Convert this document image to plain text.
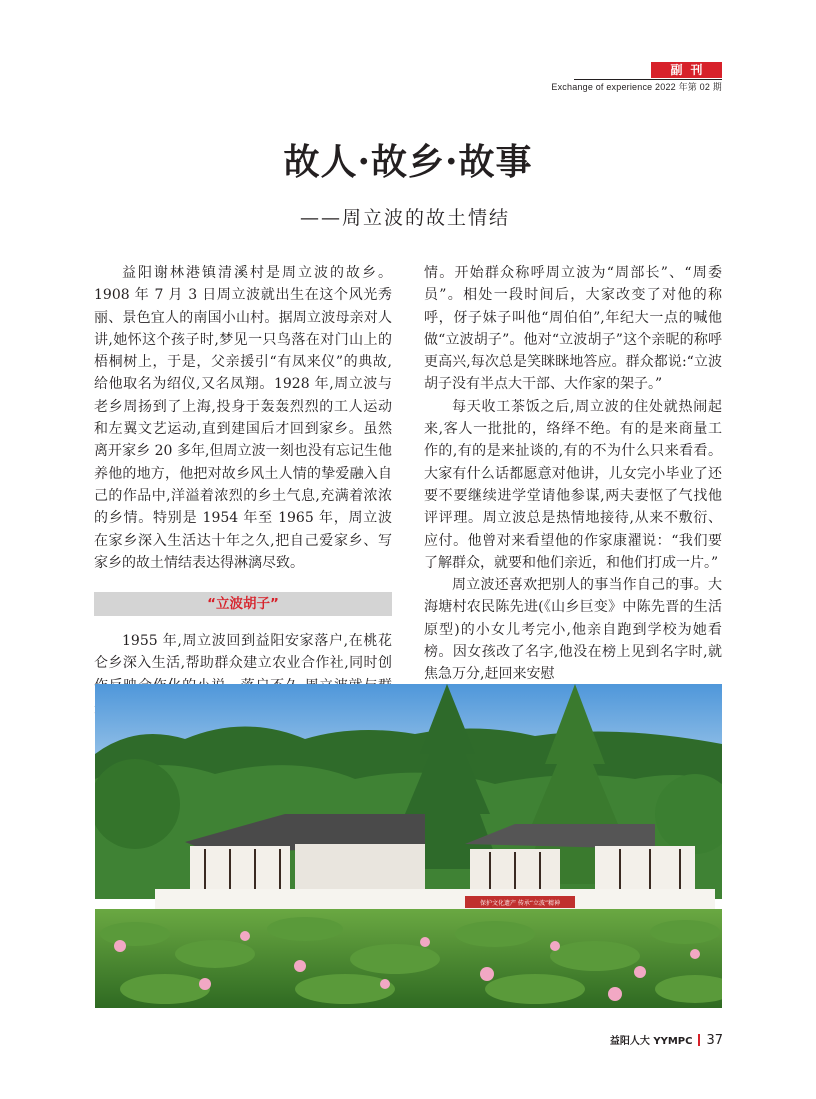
副刊
Exchange of experience 2022 年第 02 期
故人·故乡·故事
——周立波的故土情结

益阳谢林港镇清溪村是周立波的故乡。1908 年 7 月 3 日周立波就出生在这个风光秀丽、景色宜人的南国小山村。据周立波母亲对人讲,她怀这个孩子时,梦见一只鸟落在对门山上的梧桐树上，于是，父亲援引“有凤来仪”的典故,给他取名为绍仪,又名凤翔。1928 年,周立波与老乡周扬到了上海,投身于轰轰烈烈的工人运动和左翼文艺运动,直到建国后才回到家乡。虽然离开家乡 20 多年,但周立波一刻也没有忘记生他养他的地方，他把对故乡风土人情的挚爱融入自己的作品中,洋溢着浓烈的乡土气息,充满着浓浓的乡情。特别是 1954 年至 1965 年，周立波在家乡深入生活达十年之久,把自己爱家乡、写家乡的故土情结表达得淋漓尽致。

“立波胡子”

1955 年,周立波回到益阳安家落户,在桃花仑乡深入生活,帮助群众建立农业合作社,同时创

情。开始群众称呼周立波为“周部长”、“周委员”。相处一段时间后，大家改变了对他的称呼，伢子妹子叫他“周伯伯”,年纪大一点的喊他做“立波胡子”。他对“立波胡子”这个亲昵的称呼更高兴,每次总是笑眯眯地答应。群众都说:“立波胡子没有半点大干部、大作家的架子。”

每天收工茶饭之后,周立波的住处就热闹起来,客人一批批的，络绎不绝。有的是来商量工作的,有的是来扯谈的,有的不为什么只来看看。大家有什么话都愿意对他讲，儿女完小毕业了还要不要继续进学堂请他参谋,两夫妻怄了气找他评评理。周立波总是热情地接待,从来不敷衍、应付。他曾对来看望他的作家康濯说：“我们要了解群众，就要和他们亲近，和他们打成一片。”

周立波还喜欢把别人的事当作自己的事。大海塘村农民陈先进(《山乡巨变》中陈先晋的生活原型)的小女儿考完小,他亲自跑到学校为她看榜。因女孩改了名字,他没在榜上见到名字时,就焦急万分,赶回来安慰

保护文化遗产 传承“立波”精神
益阳人大 YYMPC 37
